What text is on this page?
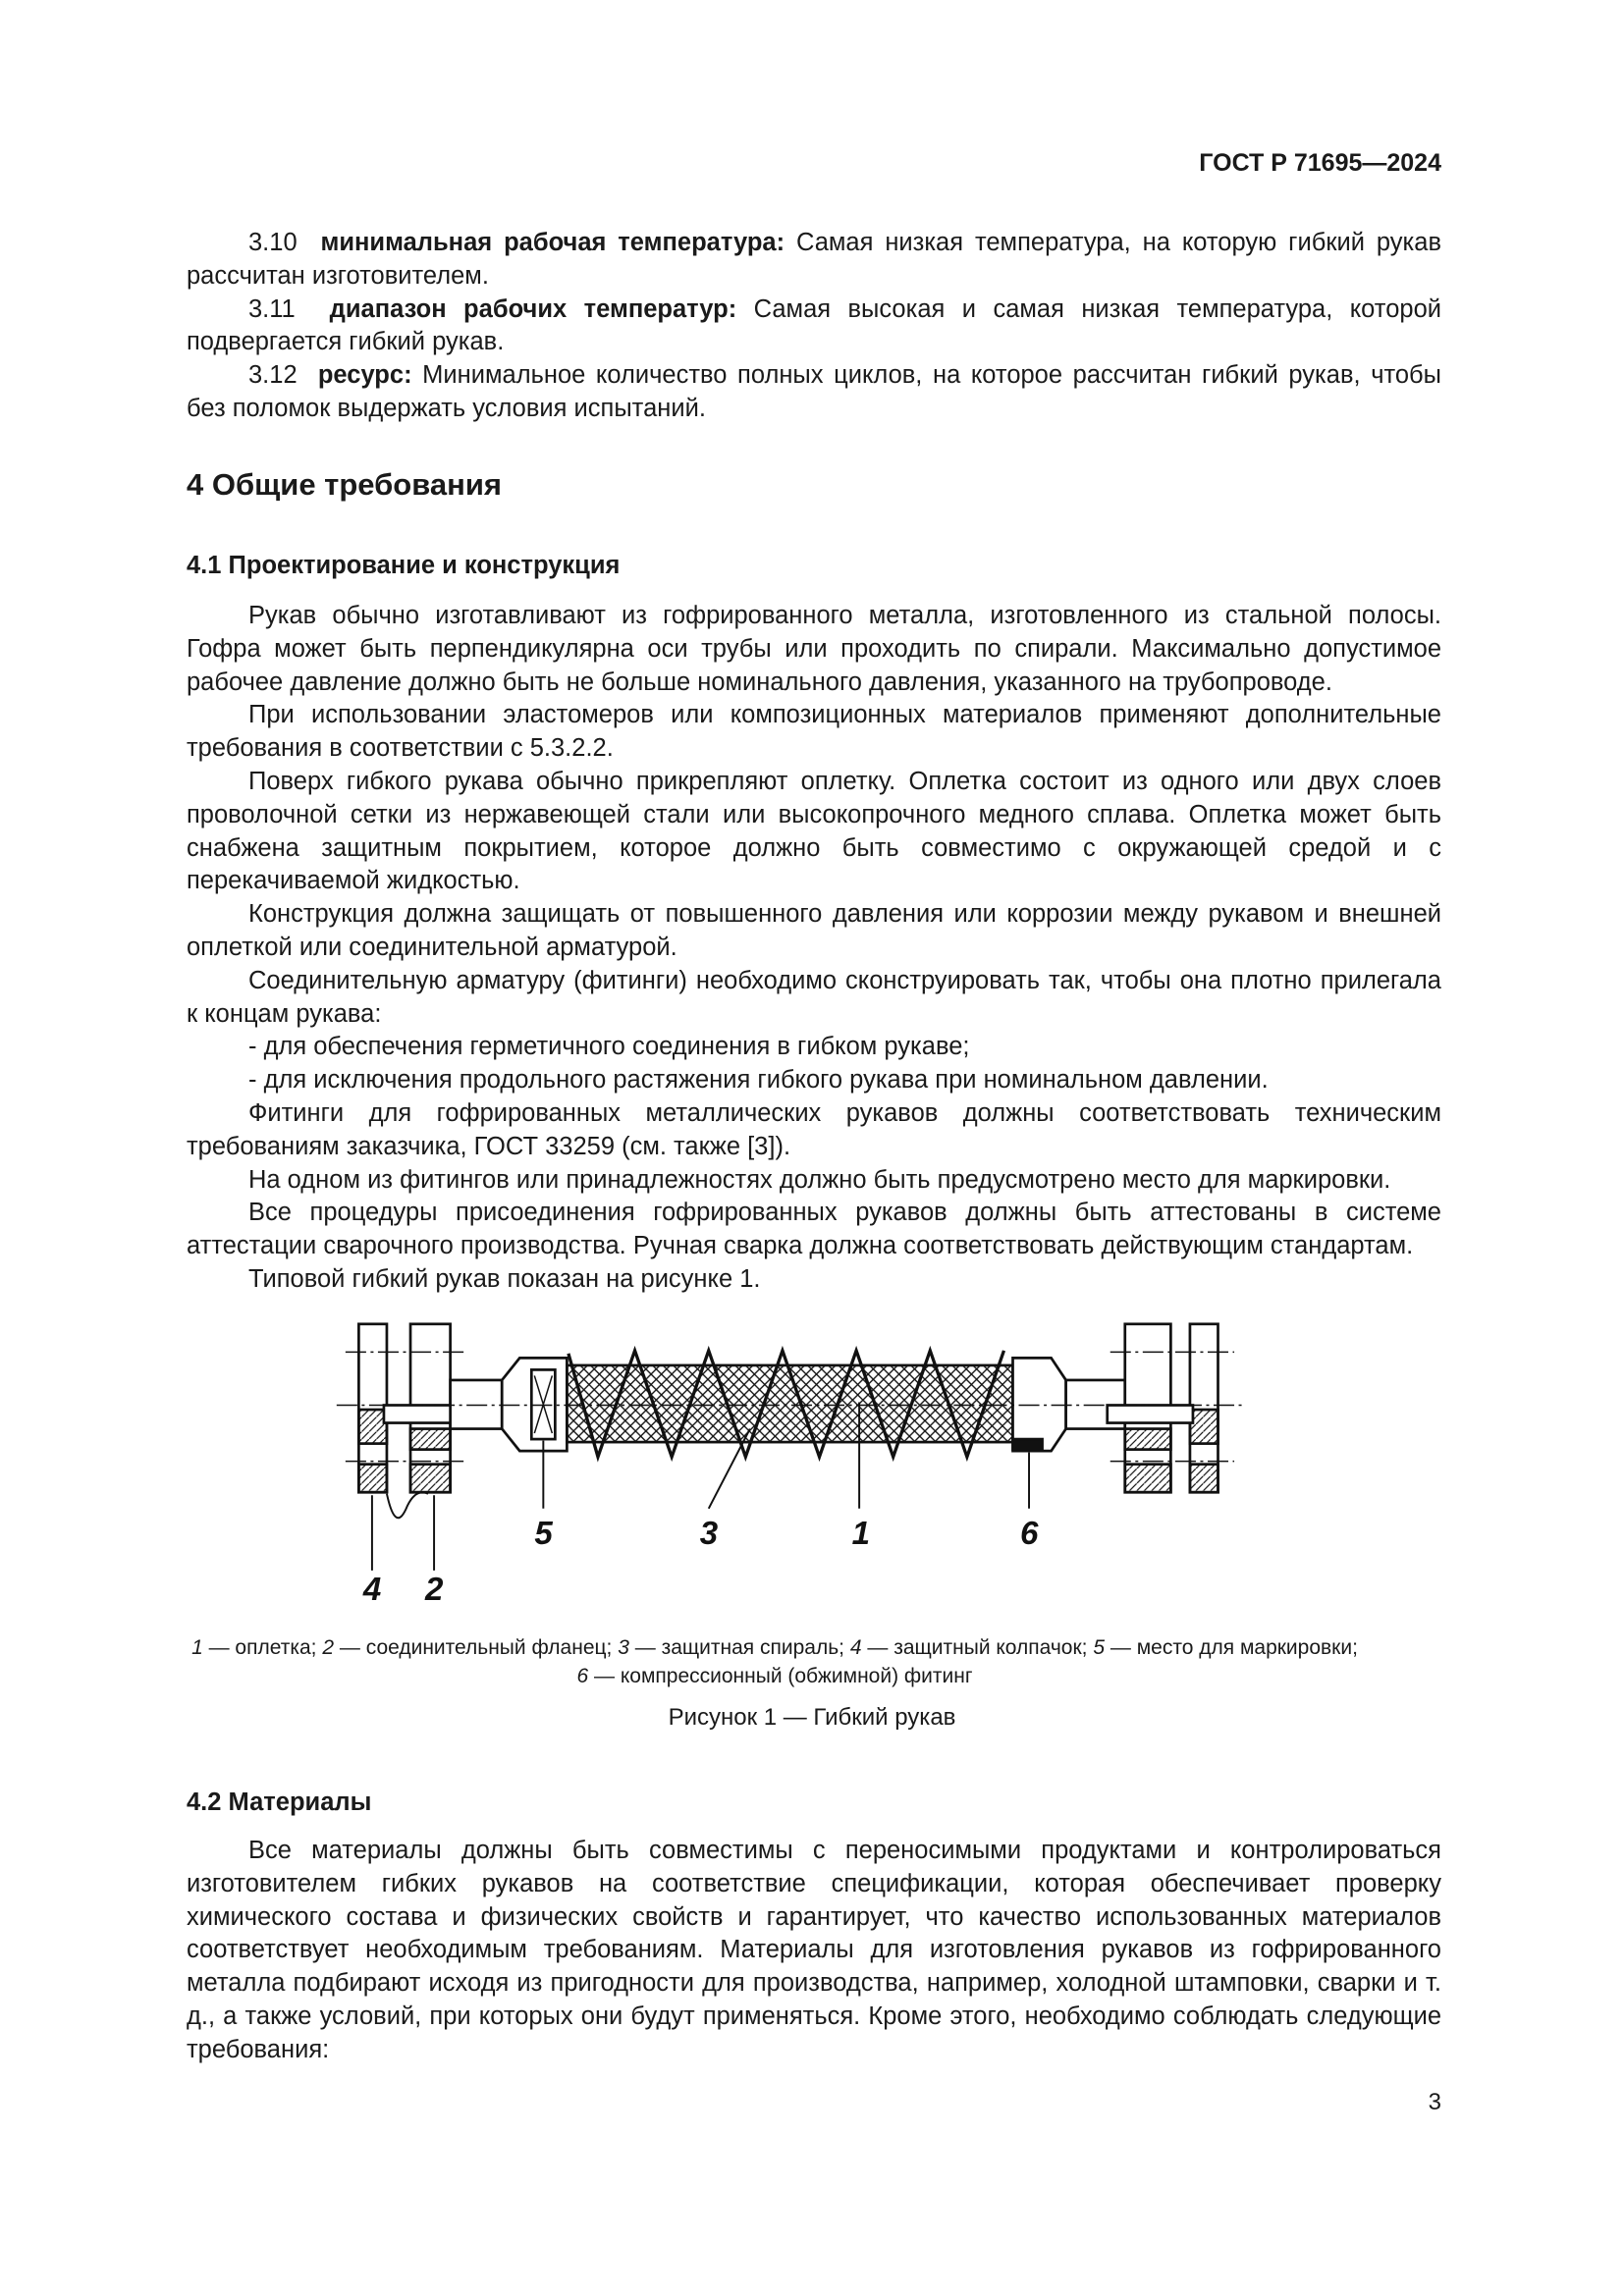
ГОСТ Р 71695—2024

3.10 минимальная рабочая температура: Самая низкая температура, на которую гибкий рукав рассчитан изготовителем.

3.11 диапазон рабочих температур: Самая высокая и самая низкая температура, которой подвергается гибкий рукав.

3.12 ресурс: Минимальное количество полных циклов, на которое рассчитан гибкий рукав, чтобы без поломок выдержать условия испытаний.

4 Общие требования
4.1 Проектирование и конструкция

Рукав обычно изготавливают из гофрированного металла, изготовленного из стальной полосы. Гофра может быть перпендикулярна оси трубы или проходить по спирали. Максимально допустимое рабочее давление должно быть не больше номинального давления, указанного на трубопроводе.

При использовании эластомеров или композиционных материалов применяют дополнительные требования в соответствии с 5.3.2.2.

Поверх гибкого рукава обычно прикрепляют оплетку. Оплетка состоит из одного или двух слоев проволочной сетки из нержавеющей стали или высокопрочного медного сплава. Оплетка может быть снабжена защитным покрытием, которое должно быть совместимо с окружающей средой и с перекачиваемой жидкостью.

Конструкция должна защищать от повышенного давления или коррозии между рукавом и внешней оплеткой или соединительной арматурой.

Соединительную арматуру (фитинги) необходимо сконструировать так, чтобы она плотно прилегала к концам рукава:

- для обеспечения герметичного соединения в гибком рукаве;

- для исключения продольного растяжения гибкого рукава при номинальном давлении.

Фитинги для гофрированных металлических рукавов должны соответствовать техническим требованиям заказчика, ГОСТ 33259 (см. также [3]).

На одном из фитингов или принадлежностях должно быть предусмотрено место для маркировки.

Все процедуры присоединения гофрированных рукавов должны быть аттестованы в системе аттестации сварочного производства. Ручная сварка должна соответствовать действующим стандартам.

Типовой гибкий рукав показан на рисунке 1.

5	3	1	6
4 2
1 — оплетка; 2 — соединительный фланец; 3 — защитная спираль; 4 — защитный колпачок; 5 — место для маркировки;
6 — компрессионный (обжимной) фитинг
Рисунок 1 — Гибкий рукав
4.2 Материалы

Все материалы должны быть совместимы с переносимыми продуктами и контролироваться изготовителем гибких рукавов на соответствие спецификации, которая обеспечивает проверку химического состава и физических свойств и гарантирует, что качество использованных материалов соответствует необходимым требованиям. Материалы для изготовления рукавов из гофрированного металла подбирают исходя из пригодности для производства, например, холодной штамповки, сварки и т. д., а также условий, при которых они будут применяться. Кроме этого, необходимо соблюдать следующие требования:

3
